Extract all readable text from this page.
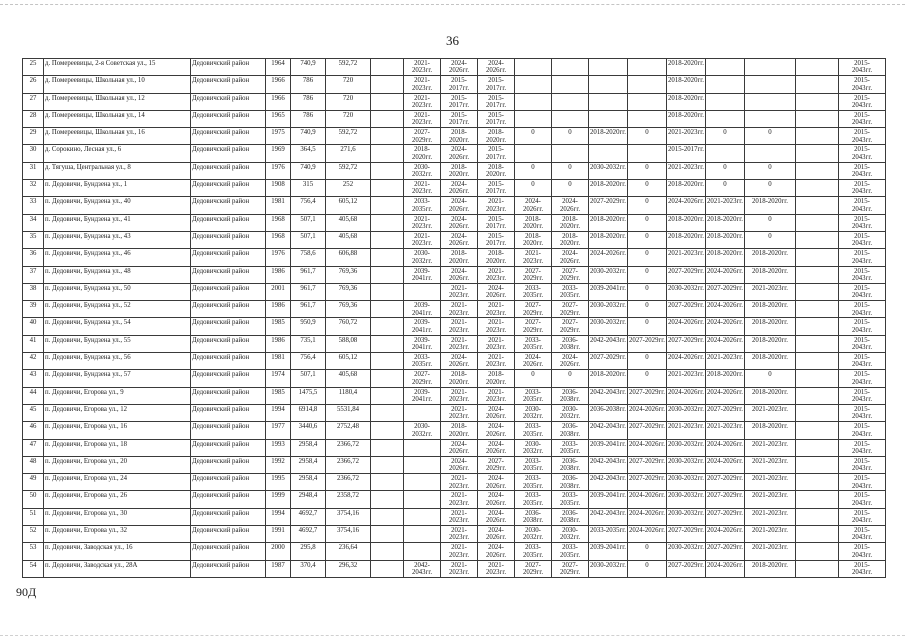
36
25	д. Помереевицы, 2-я Советская ул., 15	Дедовичский район	1964	740,9	592,72		2021-2023гг.	2024-2026гг.	2024-2026гг.					2018-2020гг.				2015-2043гг.
26	д. Помереевицы, Школьная ул., 10	Дедовичский район	1966	786	720		2021-2023гг.	2015-2017гг.	2015-2017гг.					2018-2020гг.				2015-2043гг.
27	д. Помереевицы, Школьная ул., 12	Дедовичский район	1966	786	720		2021-2023гг.	2015-2017гг.	2015-2017гг.					2018-2020гг.				2015-2043гг.
28	д. Помереевицы, Школьная ул., 14	Дедовичский район	1965	786	720		2021-2023гг.	2015-2017гг.	2015-2017гг.					2018-2020гг.				2015-2043гг.
29	д. Помереевицы, Школьная ул., 16	Дедовичский район	1975	740,9	592,72		2027-2029гг.	2018-2020гг.	2018-2020гг.	0	0	2018-2020гг.	0	2021-2023гг.	0	0		2015-2043гг.
30	д. Сорокино, Лесная ул., 6	Дедовичский район	1969	364,5	271,6		2018-2020гг.	2024-2026гг.	2015-2017гг.					2015-2017гг.				2015-2043гг.
31	д. Тягуша, Центральная ул., 8	Дедовичский район	1976	740,9	592,72		2030-2032гг.	2018-2020гг.	2018-2020гг.	0	0	2030-2032гг.	0	2021-2023гг.	0	0		2015-2043гг.
32	п. Дедовичи, Бундзена ул., 1	Дедовичский район	1908	315	252		2021-2023гг.	2024-2026гг.	2015-2017гг.	0	0	2018-2020гг.	0	2018-2020гг.	0	0		2015-2043гг.
33	п. Дедовичи, Бундзена ул., 40	Дедовичский район	1981	756,4	605,12		2033-2035гг.	2024-2026гг.	2021-2023гг.	2024-2026гг.	2024-2026гг.	2027-2029гг.	0	2024-2026гг.	2021-2023гг.	2018-2020гг.		2015-2043гг.
34	п. Дедовичи, Бундзена ул., 41	Дедовичский район	1968	507,1	405,68		2021-2023гг.	2024-2026гг.	2015-2017гг.	2018-2020гг.	2018-2020гг.	2018-2020гг.	0	2018-2020гг.	2018-2020гг.	0		2015-2043гг.
35	п. Дедовичи, Бундзена ул., 43	Дедовичский район	1968	507,1	405,68		2021-2023гг.	2024-2026гг.	2015-2017гг.	2018-2020гг.	2018-2020гг.	2018-2020гг.	0	2018-2020гг.	2018-2020гг.	0		2015-2043гг.
36	п. Дедовичи, Бундзена ул., 46	Дедовичский район	1976	758,6	606,88		2030-2032гг.	2018-2020гг.	2018-2020гг.	2021-2023гг.	2024-2026гг.	2024-2026гг.	0	2021-2023гг.	2018-2020гг.	2018-2020гг.		2015-2043гг.
37	п. Дедовичи, Бундзена ул., 48	Дедовичский район	1986	961,7	769,36		2039-2041гг.	2024-2026гг.	2021-2023гг.	2027-2029гг.	2027-2029гг.	2030-2032гг.	0	2027-2029гг.	2024-2026гг.	2018-2020гг.		2015-2043гг.
38	п. Дедовичи, Бундзена ул., 50	Дедовичский район	2001	961,7	769,36			2021-2023гг.	2024-2026гг.	2033-2035гг.	2033-2035гг.	2039-2041гг.	0	2030-2032гг.	2027-2029гг.	2021-2023гг.		2015-2043гг.
39	п. Дедовичи, Бундзена ул., 52	Дедовичский район	1986	961,7	769,36		2039-2041гг.	2021-2023гг.	2021-2023гг.	2027-2029гг.	2027-2029гг.	2030-2032гг.	0	2027-2029гг.	2024-2026гг.	2018-2020гг.		2015-2043гг.
40	п. Дедовичи, Бундзена ул., 54	Дедовичский район	1985	950,9	760,72		2039-2041гг.	2021-2023гг.	2021-2023гг.	2027-2029гг.	2027-2029гг.	2030-2032гг.	0	2024-2026гг.	2024-2026гг.	2018-2020гг.		2015-2043гг.
41	п. Дедовичи, Бундзена ул., 55	Дедовичский район	1986	735,1	588,08		2039-2041гг.	2021-2023гг.	2021-2023гг.	2033-2035гг.	2036-2038гг.	2042-2043гг.	2027-2029гг.	2027-2029гг.	2024-2026гг.	2018-2020гг.		2015-2043гг.
42	п. Дедовичи, Бундзена ул., 56	Дедовичский район	1981	756,4	605,12		2033-2035гг.	2024-2026гг.	2021-2023гг.	2024-2026гг.	2024-2026гг.	2027-2029гг.	0	2024-2026гг.	2021-2023гг.	2018-2020гг.		2015-2043гг.
43	п. Дедовичи, Бундзена ул., 57	Дедовичский район	1974	507,1	405,68		2027-2029гг.	2018-2020гг.	2018-2020гг.	0	0	2018-2020гг.	0	2021-2023гг.	2018-2020гг.	0		2015-2043гг.
44	п. Дедовичи, Егорова ул., 9	Дедовичский район	1985	1475,5	1180,4		2039-2041гг.	2021-2023гг.	2021-2023гг.	2033-2035гг.	2036-2038гг.	2042-2043гг.	2027-2029гг.	2024-2026гг.	2024-2026гг.	2018-2020гг.		2015-2043гг.
45	п. Дедовичи, Егорова ул., 12	Дедовичский район	1994	6914,8	5531,84			2021-2023гг.	2024-2026гг.	2030-2032гг.	2030-2032гг.	2036-2038гг.	2024-2026гг.	2030-2032гг.	2027-2029гг.	2021-2023гг.		2015-2043гг.
46	п. Дедовичи, Егорова ул., 16	Дедовичский район	1977	3440,6	2752,48		2030-2032гг.	2018-2020гг.	2024-2026гг.	2033-2035гг.	2036-2038гг.	2042-2043гг.	2027-2029гг.	2021-2023гг.	2021-2023гг.	2018-2020гг.		2015-2043гг.
47	п. Дедовичи, Егорова ул., 18	Дедовичский район	1993	2958,4	2366,72			2024-2026гг.	2024-2026гг.	2030-2032гг.	2033-2035гг.	2039-2041гг.	2024-2026гг.	2030-2032гг.	2024-2026гг.	2021-2023гг.		2015-2043гг.
48	п. Дедовичи, Егорова ул., 20	Дедовичский район	1992	2958,4	2366,72			2024-2026гг.	2027-2029гг.	2033-2035гг.	2036-2038гг.	2042-2043гг.	2027-2029гг.	2030-2032гг.	2024-2026гг.	2021-2023гг.		2015-2043гг.
49	п. Дедовичи, Егорова ул., 24	Дедовичский район	1995	2958,4	2366,72			2021-2023гг.	2024-2026гг.	2033-2035гг.	2036-2038гг.	2042-2043гг.	2027-2029гг.	2030-2032гг.	2027-2029гг.	2021-2023гг.		2015-2043гг.
50	п. Дедовичи, Егорова ул., 26	Дедовичский район	1999	2948,4	2358,72			2021-2023гг.	2024-2026гг.	2033-2035гг.	2033-2035гг.	2039-2041гг.	2024-2026гг.	2030-2032гг.	2027-2029гг.	2021-2023гг.		2015-2043гг.
51	п. Дедовичи, Егорова ул., 30	Дедовичский район	1994	4692,7	3754,16			2021-2023гг.	2024-2026гг.	2036-2038гг.	2036-2038гг.	2042-2043гг.	2024-2026гг.	2030-2032гг.	2027-2029гг.	2021-2023гг.		2015-2043гг.
52	п. Дедовичи, Егорова ул., 32	Дедовичский район	1991	4692,7	3754,16			2021-2023гг.	2024-2026гг.	2030-2032гг.	2030-2032гг.	2033-2035гг.	2024-2026гг.	2027-2029гг.	2024-2026гг.	2021-2023гг.		2015-2043гг.
53	п. Дедовичи, Заводская ул., 16	Дедовичский район	2000	295,8	236,64			2021-2023гг.	2024-2026гг.	2033-2035гг.	2033-2035гг.	2039-2041гг.	0	2030-2032гг.	2027-2029гг.	2021-2023гг.		2015-2043гг.
54	п. Дедовичи, Заводская ул., 28А	Дедовичский район	1987	370,4	296,32		2042-2043гг.	2021-2023гг.	2021-2023гг.	2027-2029гг.	2027-2029гг.	2030-2032гг.	0	2027-2029гг.	2024-2026гг.	2018-2020гг.		2015-2043гг.
90Д
